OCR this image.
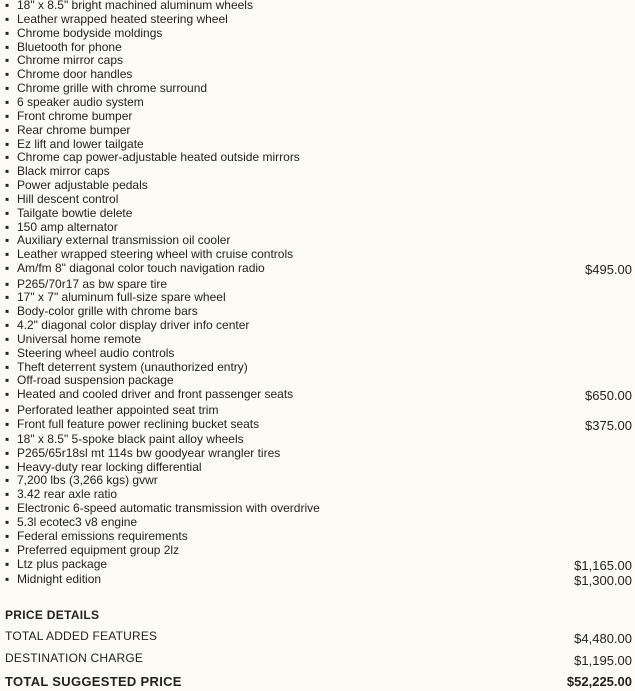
▪ 18" x 8.5" bright machined aluminum wheels
▪ Leather wrapped heated steering wheel
▪ Chrome bodyside moldings
▪ Bluetooth for phone
▪ Chrome mirror caps
▪ Chrome door handles
▪ Chrome grille with chrome surround
▪ 6 speaker audio system
▪ Front chrome bumper
▪ Rear chrome bumper
▪ Ez lift and lower tailgate
▪ Chrome cap power-adjustable heated outside mirrors
▪ Black mirror caps
▪ Power adjustable pedals
▪ Hill descent control
▪ Tailgate bowtie delete
▪ 150 amp alternator
▪ Auxiliary external transmission oil cooler
▪ Leather wrapped steering wheel with cruise controls
▪ Am/fm 8" diagonal color touch navigation radio	$495.00
▪ P265/70r17 as bw spare tire
▪ 17" x 7" aluminum full-size spare wheel
▪ Body-color grille with chrome bars
▪ 4.2" diagonal color display driver info center
▪ Universal home remote
▪ Steering wheel audio controls
▪ Theft deterrent system (unauthorized entry)
▪ Off-road suspension package
▪ Heated and cooled driver and front passenger seats	$650.00
▪ Perforated leather appointed seat trim
▪ Front full feature power reclining bucket seats	$375.00
▪ 18" x 8.5" 5-spoke black paint alloy wheels
▪ P265/65r18sl mt 114s bw goodyear wrangler tires
▪ Heavy-duty rear locking differential
▪ 7,200 lbs (3,266 kgs) gvwr
▪ 3.42 rear axle ratio
▪ Electronic 6-speed automatic transmission with overdrive
▪ 5.3l ecotec3 v8 engine
▪ Federal emissions requirements
▪ Preferred equipment group 2lz
▪ Ltz plus package	$1,165.00
▪ Midnight edition	$1,300.00
PRICE DETAILS
TOTAL ADDED FEATURES	$4,480.00
DESTINATION CHARGE	$1,195.00
TOTAL SUGGESTED PRICE	$52,225.00
